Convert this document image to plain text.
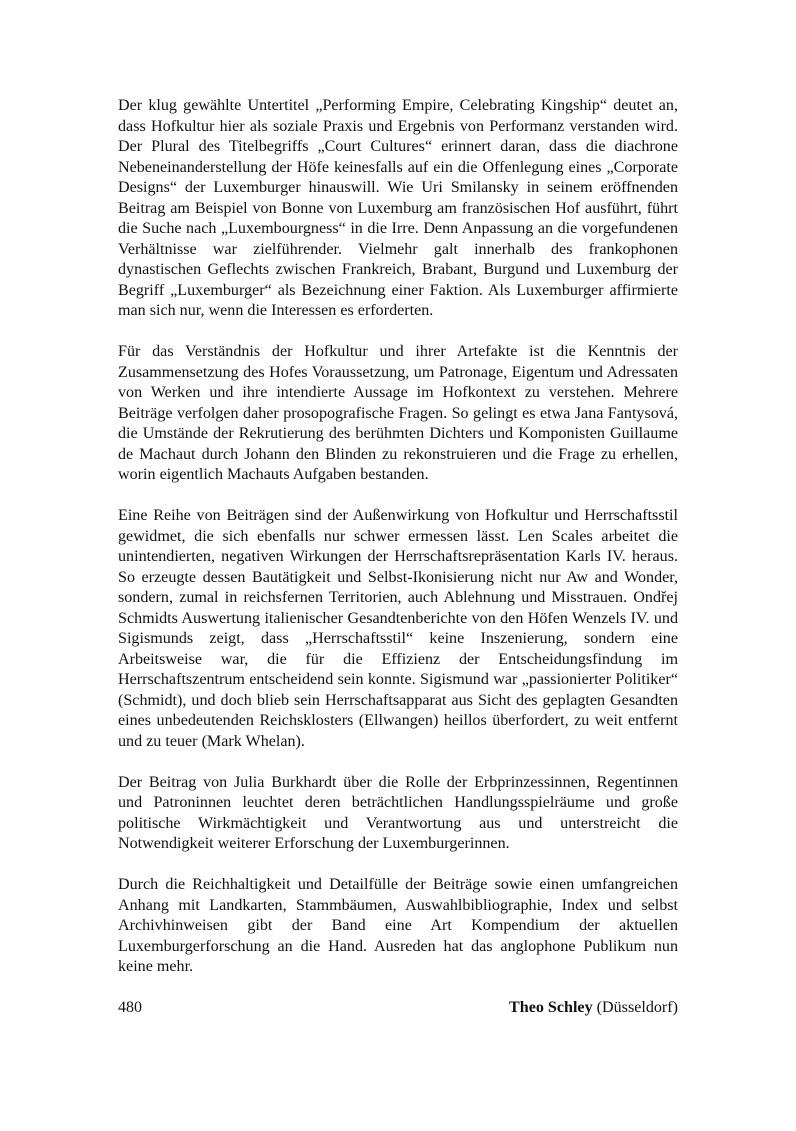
Der klug gewählte Untertitel „Performing Empire, Celebrating Kingship“ deutet an, dass Hofkultur hier als soziale Praxis und Ergebnis von Performanz verstanden wird. Der Plural des Titelbegriffs „Court Cultures“ erinnert daran, dass die diachrone Nebeneinanderstellung der Höfe keinesfalls auf ein die Offenlegung eines „Corporate Designs“ der Luxemburger hinauswill. Wie Uri Smilansky in seinem eröffnenden Beitrag am Beispiel von Bonne von Luxemburg am französischen Hof ausführt, führt die Suche nach „Luxembourgness“ in die Irre. Denn Anpassung an die vorgefundenen Verhältnisse war zielführender. Vielmehr galt innerhalb des frankophonen dynastischen Geflechts zwischen Frankreich, Brabant, Burgund und Luxemburg der Begriff „Luxemburger“ als Bezeichnung einer Faktion. Als Luxemburger affirmierte man sich nur, wenn die Interessen es erforderten.

Für das Verständnis der Hofkultur und ihrer Artefakte ist die Kenntnis der Zusammensetzung des Hofes Voraussetzung, um Patronage, Eigentum und Adressaten von Werken und ihre intendierte Aussage im Hofkontext zu verstehen. Mehrere Beiträge verfolgen daher prosopografische Fragen. So gelingt es etwa Jana Fantysová, die Umstände der Rekrutierung des berühmten Dichters und Komponisten Guillaume de Machaut durch Johann den Blinden zu rekonstruieren und die Frage zu erhellen, worin eigentlich Machauts Aufgaben bestanden.

Eine Reihe von Beiträgen sind der Außenwirkung von Hofkultur und Herrschaftsstil gewidmet, die sich ebenfalls nur schwer ermessen lässt. Len Scales arbeitet die unintendierten, negativen Wirkungen der Herrschaftsrepräsentation Karls IV. heraus. So erzeugte dessen Bautätigkeit und Selbst-Ikonisierung nicht nur Aw and Wonder, sondern, zumal in reichsfernen Territorien, auch Ablehnung und Misstrauen. Ondřej Schmidts Auswertung italienischer Gesandtenberichte von den Höfen Wenzels IV. und Sigismunds zeigt, dass „Herrschaftsstil“ keine Inszenierung, sondern eine Arbeitsweise war, die für die Effizienz der Entscheidungsfindung im Herrschaftszentrum entscheidend sein konnte. Sigismund war „passionierter Politiker“ (Schmidt), und doch blieb sein Herrschaftsapparat aus Sicht des geplagten Gesandten eines unbedeutenden Reichsklosters (Ellwangen) heillos überfordert, zu weit entfernt und zu teuer (Mark Whelan).

Der Beitrag von Julia Burkhardt über die Rolle der Erbprinzessinnen, Regentinnen und Patroninnen leuchtet deren beträchtlichen Handlungsspielräume und große politische Wirkmächtigkeit und Verantwortung aus und unterstreicht die Notwendigkeit weiterer Erforschung der Luxemburgerinnen.

Durch die Reichhaltigkeit und Detailfülle der Beiträge sowie einen umfangreichen Anhang mit Landkarten, Stammbäumen, Auswahlbibliographie, Index und selbst Archivhinweisen gibt der Band eine Art Kompendium der aktuellen Luxemburgerforschung an die Hand. Ausreden hat das anglophone Publikum nun keine mehr.

Theo Schley (Düsseldorf)

480
